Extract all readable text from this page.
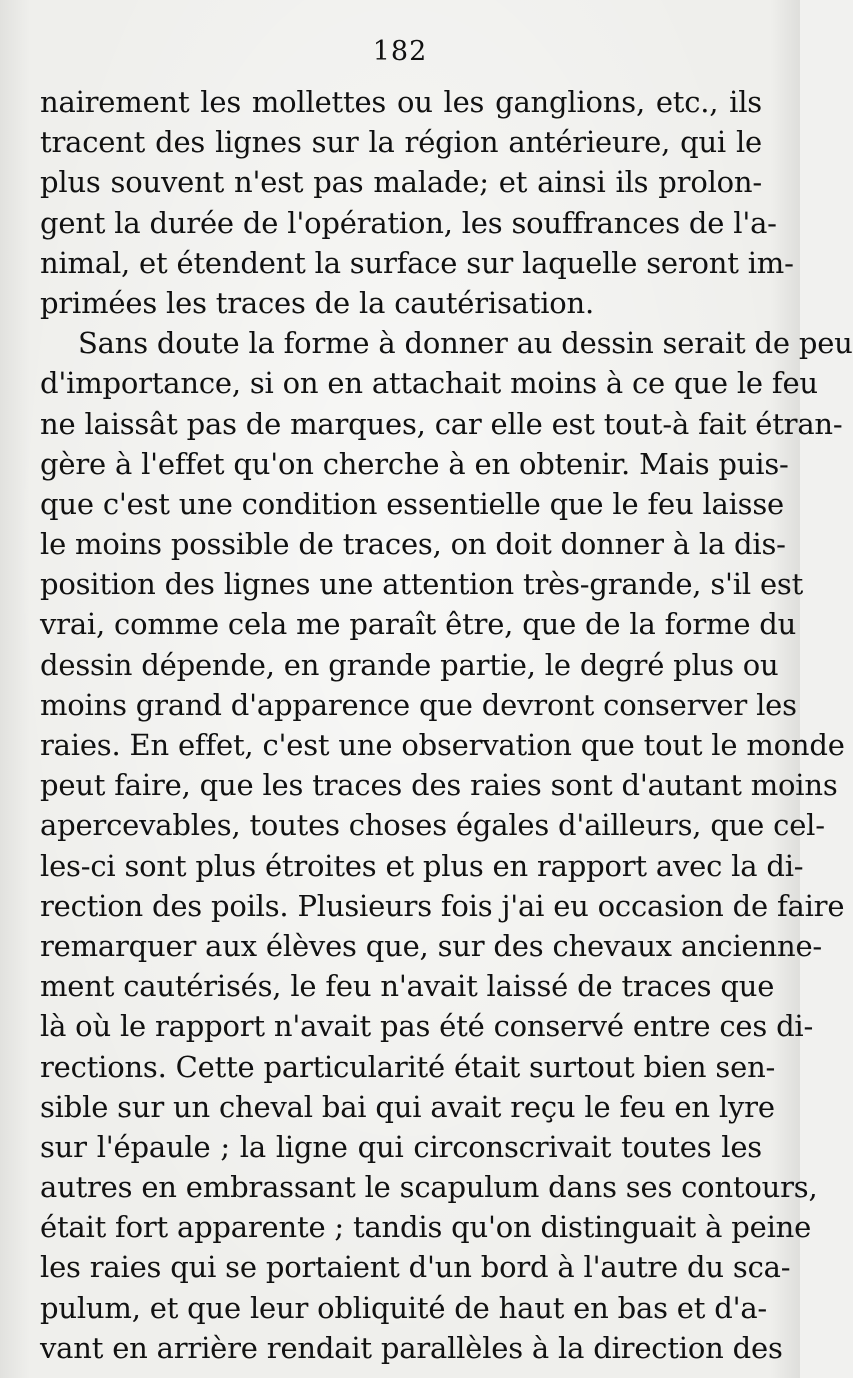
182

nairement les mollettes ou les ganglions, etc., ils
tracent des lignes sur la région antérieure, qui le
plus souvent n'est pas malade; et ainsi ils prolon-
gent la durée de l'opération, les souffrances de l'a-
nimal, et étendent la surface sur laquelle seront im-
primées les traces de la cautérisation.
Sans doute la forme à donner au dessin serait de peu
d'importance, si on en attachait moins à ce que le feu
ne laissât pas de marques, car elle est tout-à fait étran-
gère à l'effet qu'on cherche à en obtenir. Mais puis-
que c'est une condition essentielle que le feu laisse
le moins possible de traces, on doit donner à la dis-
position des lignes une attention très-grande, s'il est
vrai, comme cela me paraît être, que de la forme du
dessin dépende, en grande partie, le degré plus ou
moins grand d'apparence que devront conserver les
raies. En effet, c'est une observation que tout le monde
peut faire, que les traces des raies sont d'autant moins
apercevables, toutes choses égales d'ailleurs, que cel-
les-ci sont plus étroites et plus en rapport avec la di-
rection des poils. Plusieurs fois j'ai eu occasion de faire
remarquer aux élèves que, sur des chevaux ancienne-
ment cautérisés, le feu n'avait laissé de traces que
là où le rapport n'avait pas été conservé entre ces di-
rections. Cette particularité était surtout bien sen-
sible sur un cheval bai qui avait reçu le feu en lyre
sur l'épaule ; la ligne qui circonscrivait toutes les
autres en embrassant le scapulum dans ses contours,
était fort apparente ; tandis qu'on distinguait à peine
les raies qui se portaient d'un bord à l'autre du sca-
pulum, et que leur obliquité de haut en bas et d'a-
vant en arrière rendait parallèles à la direction des
